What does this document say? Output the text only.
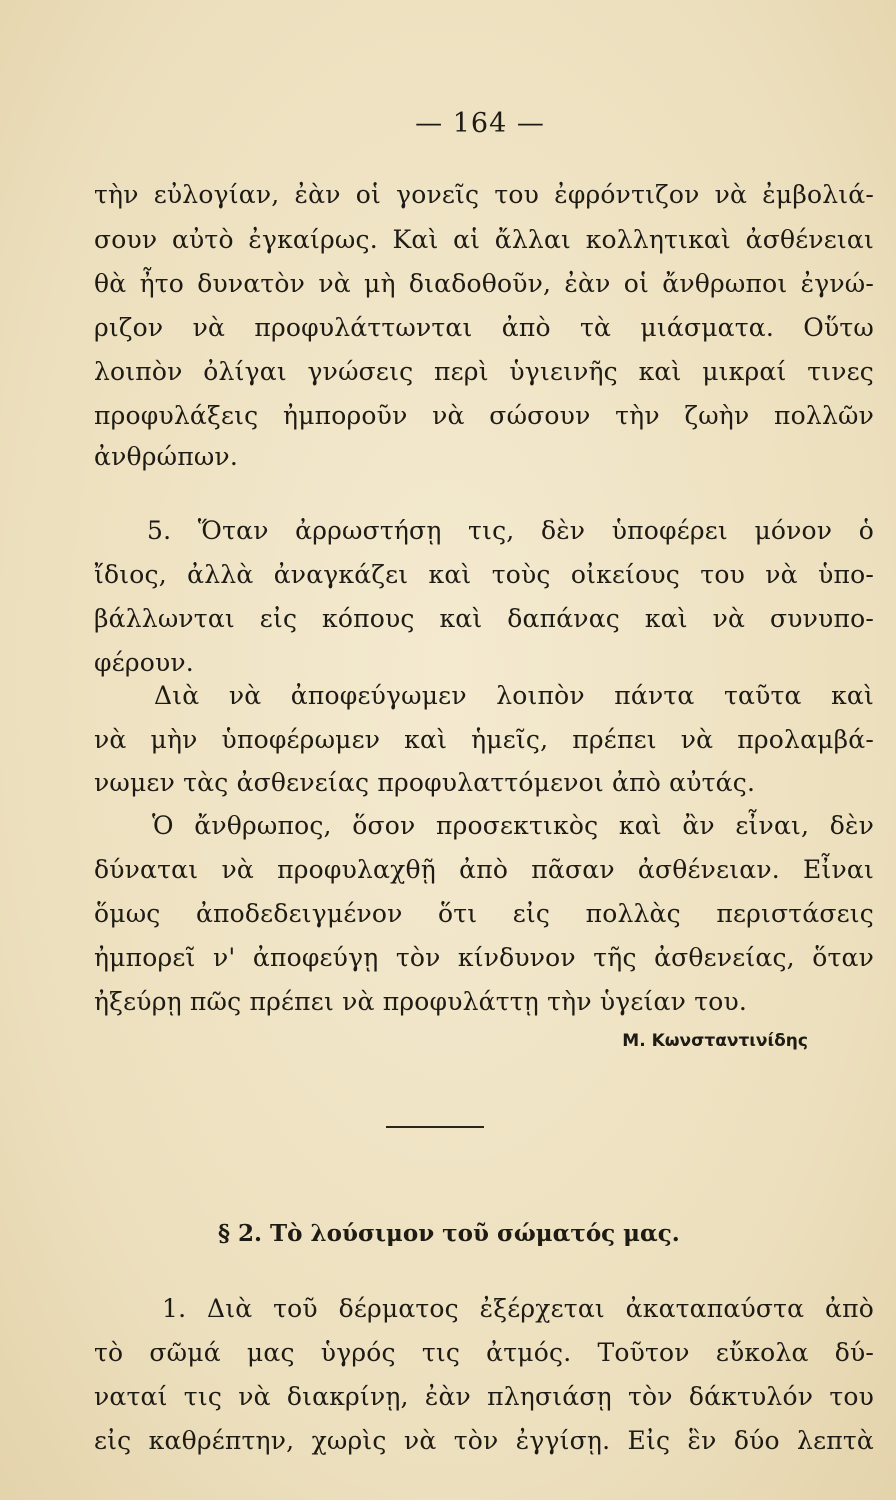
— 164 —
τὴν εὐλογίαν, ἐὰν οἱ γονεῖς του ἐφρόντιζον νὰ ἐμβολιά-
σουν αὐτὸ ἐγκαίρως. Καὶ αἱ ἄλλαι κολλητικαὶ ἀσθένειαι
θὰ ἦτο δυνατὸν νὰ μὴ διαδοθοῦν, ἐὰν οἱ ἄνθρωποι ἐγνώ-
ριζον νὰ προφυλάττωνται ἀπὸ τὰ μιάσματα. Οὕτω
λοιπὸν ὀλίγαι γνώσεις περὶ ὑγιεινῆς καὶ μικραί τινες
προφυλάξεις ἠμποροῦν νὰ σώσουν τὴν ζωὴν πολλῶν
ἀνθρώπων.
5. Ὅταν ἀρρωστήσῃ τις, δὲν ὑποφέρει μόνον ὁ
ἴδιος, ἀλλὰ ἀναγκάζει καὶ τοὺς οἰκείους του νὰ ὑπο-
βάλλωνται εἰς κόπους καὶ δαπάνας καὶ νὰ συνυπο-
φέρουν.
Διὰ νὰ ἀποφεύγωμεν λοιπὸν πάντα ταῦτα καὶ
νὰ μὴν ὑποφέρωμεν καὶ ἡμεῖς, πρέπει νὰ προλαμβά-
νωμεν τὰς ἀσθενείας προφυλαττόμενοι ἀπὸ αὐτάς.
Ὁ ἄνθρωπος, ὅσον προσεκτικὸς καὶ ἂν εἶναι, δὲν
δύναται νὰ προφυλαχθῇ ἀπὸ πᾶσαν ἀσθένειαν. Εἶναι
ὅμως ἀποδεδειγμένον ὅτι εἰς πολλὰς περιστάσεις
ἠμπορεῖ ν' ἀποφεύγῃ τὸν κίνδυνον τῆς ἀσθενείας, ὅταν
ἠξεύρῃ πῶς πρέπει νὰ προφυλάττῃ τὴν ὑγείαν του.
Μ. Κωνσταντινίδης
§ 2. Τὸ λούσιμον τοῦ σώματός μας.
1. Διὰ τοῦ δέρματος ἐξέρχεται ἀκαταπαύστα ἀπὸ
τὸ σῶμά μας ὑγρός τις ἀτμός. Τοῦτον εὔκολα δύ-
ναταί τις νὰ διακρίνῃ, ἐὰν πλησιάσῃ τὸν δάκτυλόν του
εἰς καθρέπτην, χωρὶς νὰ τὸν ἐγγίσῃ. Εἰς ἓν δύο λεπτὰ
